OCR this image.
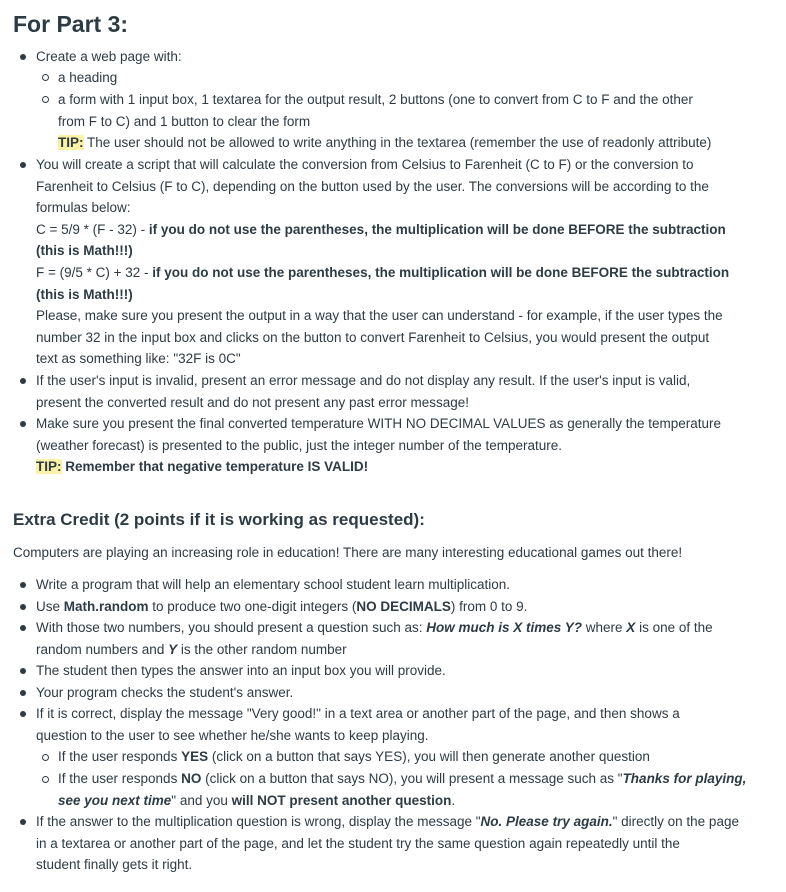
For Part 3:
Create a web page with:
a heading
a form with 1 input box, 1 textarea for the output result, 2 buttons (one to convert from C to F and the other
from F to C) and 1 button to clear the form
TIP: The user should not be allowed to write anything in the textarea (remember the use of readonly attribute)
You will create a script that will calculate the conversion from Celsius to Farenheit (C to F) or the conversion to
Farenheit to Celsius (F to C), depending on the button used by the user. The conversions will be according to the
formulas below:
C = 5/9 * (F - 32) - if you do not use the parentheses, the multiplication will be done BEFORE the subtraction
(this is Math!!!)
F = (9/5 * C) + 32 - if you do not use the parentheses, the multiplication will be done BEFORE the subtraction
(this is Math!!!)
Please, make sure you present the output in a way that the user can understand - for example, if the user types the
number 32 in the input box and clicks on the button to convert Farenheit to Celsius, you would present the output
text as something like: "32F is 0C"
If the user's input is invalid, present an error message and do not display any result. If the user's input is valid,
present the converted result and do not present any past error message!
Make sure you present the final converted temperature WITH NO DECIMAL VALUES as generally the temperature
(weather forecast) is presented to the public, just the integer number of the temperature.
TIP: Remember that negative temperature IS VALID!
Extra Credit (2 points if it is working as requested):
Computers are playing an increasing role in education! There are many interesting educational games out there!
Write a program that will help an elementary school student learn multiplication.
Use Math.random to produce two one-digit integers (NO DECIMALS) from 0 to 9.
With those two numbers, you should present a question such as: How much is X times Y? where X is one of the
random numbers and Y is the other random number
The student then types the answer into an input box you will provide.
Your program checks the student's answer.
If it is correct, display the message "Very good!" in a text area or another part of the page, and then shows a
question to the user to see whether he/she wants to keep playing.
If the user responds YES (click on a button that says YES), you will then generate another question
If the user responds NO (click on a button that says NO), you will present a message such as "Thanks for playing,
see you next time" and you will NOT present another question.
If the answer to the multiplication question is wrong, display the message "No. Please try again." directly on the page
in a textarea or another part of the page, and let the student try the same question again repeatedly until the
student finally gets it right.
